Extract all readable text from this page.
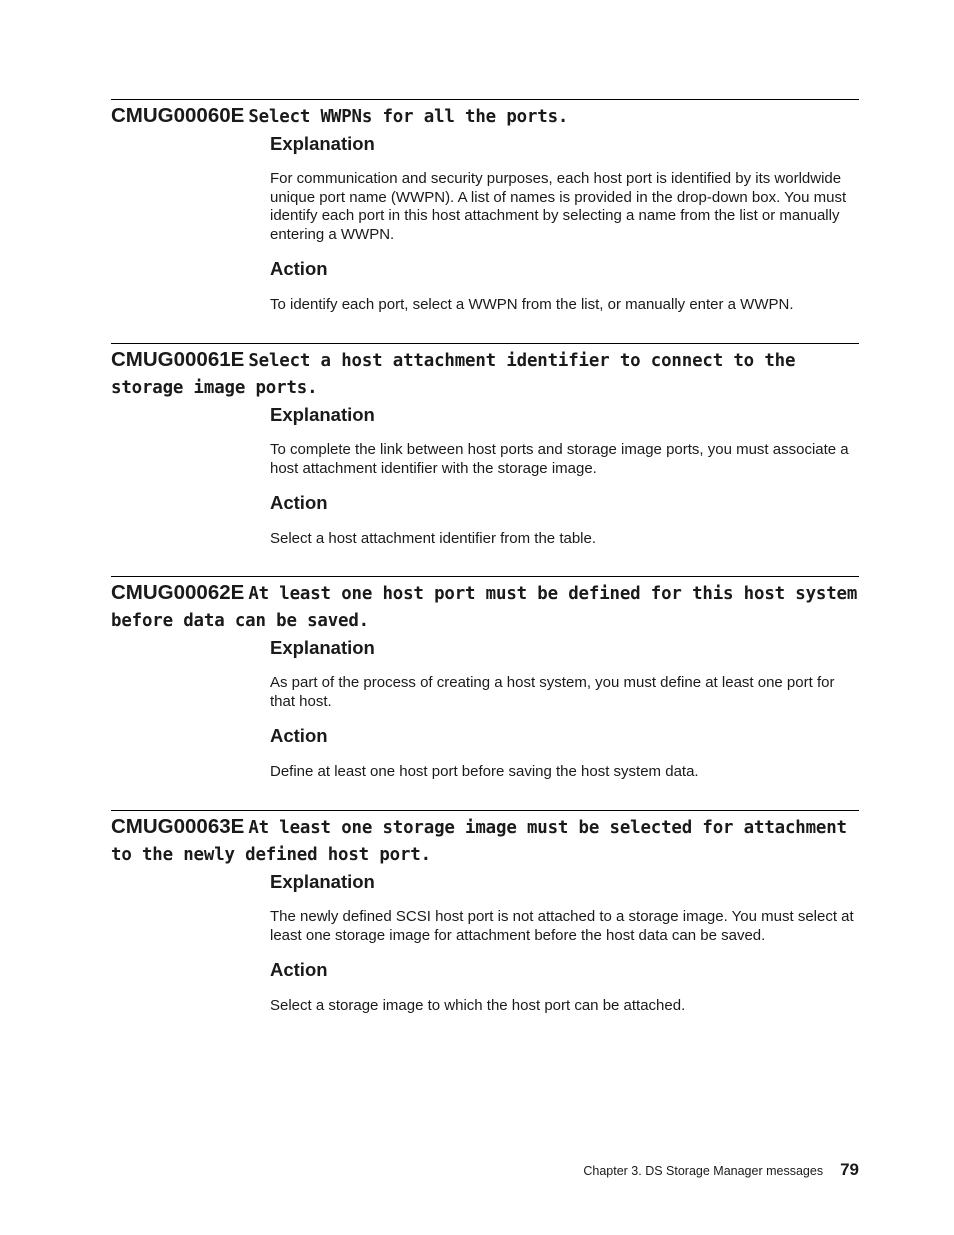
CMUG00060E Select WWPNs for all the ports.

Explanation

For communication and security purposes, each host port is identified by its worldwide unique port name (WWPN). A list of names is provided in the drop-down box. You must identify each port in this host attachment by selecting a name from the list or manually entering a WWPN.

Action

To identify each port, select a WWPN from the list, or manually enter a WWPN.

CMUG00061E Select a host attachment identifier to connect to the storage image ports.

Explanation

To complete the link between host ports and storage image ports, you must associate a host attachment identifier with the storage image.

Action

Select a host attachment identifier from the table.

CMUG00062E At least one host port must be defined for this host system before data can be saved.

Explanation

As part of the process of creating a host system, you must define at least one port for that host.

Action

Define at least one host port before saving the host system data.

CMUG00063E At least one storage image must be selected for attachment to the newly defined host port.

Explanation

The newly defined SCSI host port is not attached to a storage image. You must select at least one storage image for attachment before the host data can be saved.

Action

Select a storage image to which the host port can be attached.

Chapter 3. DS Storage Manager messages 79
